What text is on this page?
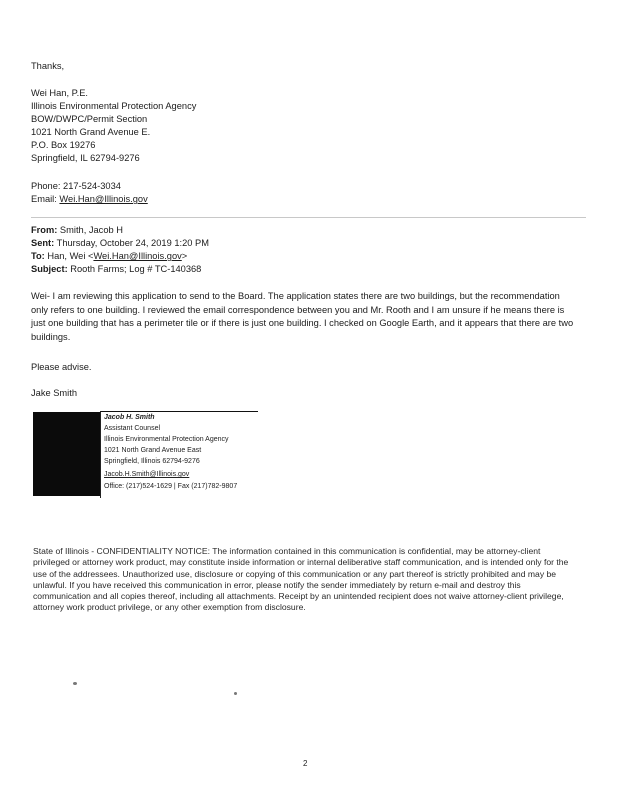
Thanks,
Wei Han, P.E.
Illinois Environmental Protection Agency
BOW/DWPC/Permit Section
1021 North Grand Avenue E.
P.O. Box 19276
Springfield, IL 62794-9276
Phone: 217-524-3034
Email: Wei.Han@Illinois.gov
From: Smith, Jacob H
Sent: Thursday, October 24, 2019 1:20 PM
To: Han, Wei <Wei.Han@Illinois.gov>
Subject: Rooth Farms; Log # TC-140368
Wei- I am reviewing this application to send to the Board. The application states there are two buildings, but the recommendation only refers to one building. I reviewed the email correspondence between you and Mr. Rooth and I am unsure if he means there is just one building that has a perimeter tile or if there is just one building. I checked on Google Earth, and it appears that there are two buildings.
Please advise.
Jake Smith
Jacob H. Smith
Assistant Counsel
Illinois Environmental Protection Agency
1021 North Grand Avenue East
Springfield, Illinois 62794-9276
Jacob.H.Smith@Illinois.gov
Office: (217)524-1629 | Fax (217)782-9807
State of Illinois - CONFIDENTIALITY NOTICE: The information contained in this communication is confidential, may be attorney-client privileged or attorney work product, may constitute inside information or internal deliberative staff communication, and is intended only for the use of the addressees. Unauthorized use, disclosure or copying of this communication or any part thereof is strictly prohibited and may be unlawful. If you have received this communication in error, please notify the sender immediately by return e-mail and destroy this communication and all copies thereof, including all attachments. Receipt by an unintended recipient does not waive attorney-client privilege, attorney work product privilege, or any other exemption from disclosure.
2
